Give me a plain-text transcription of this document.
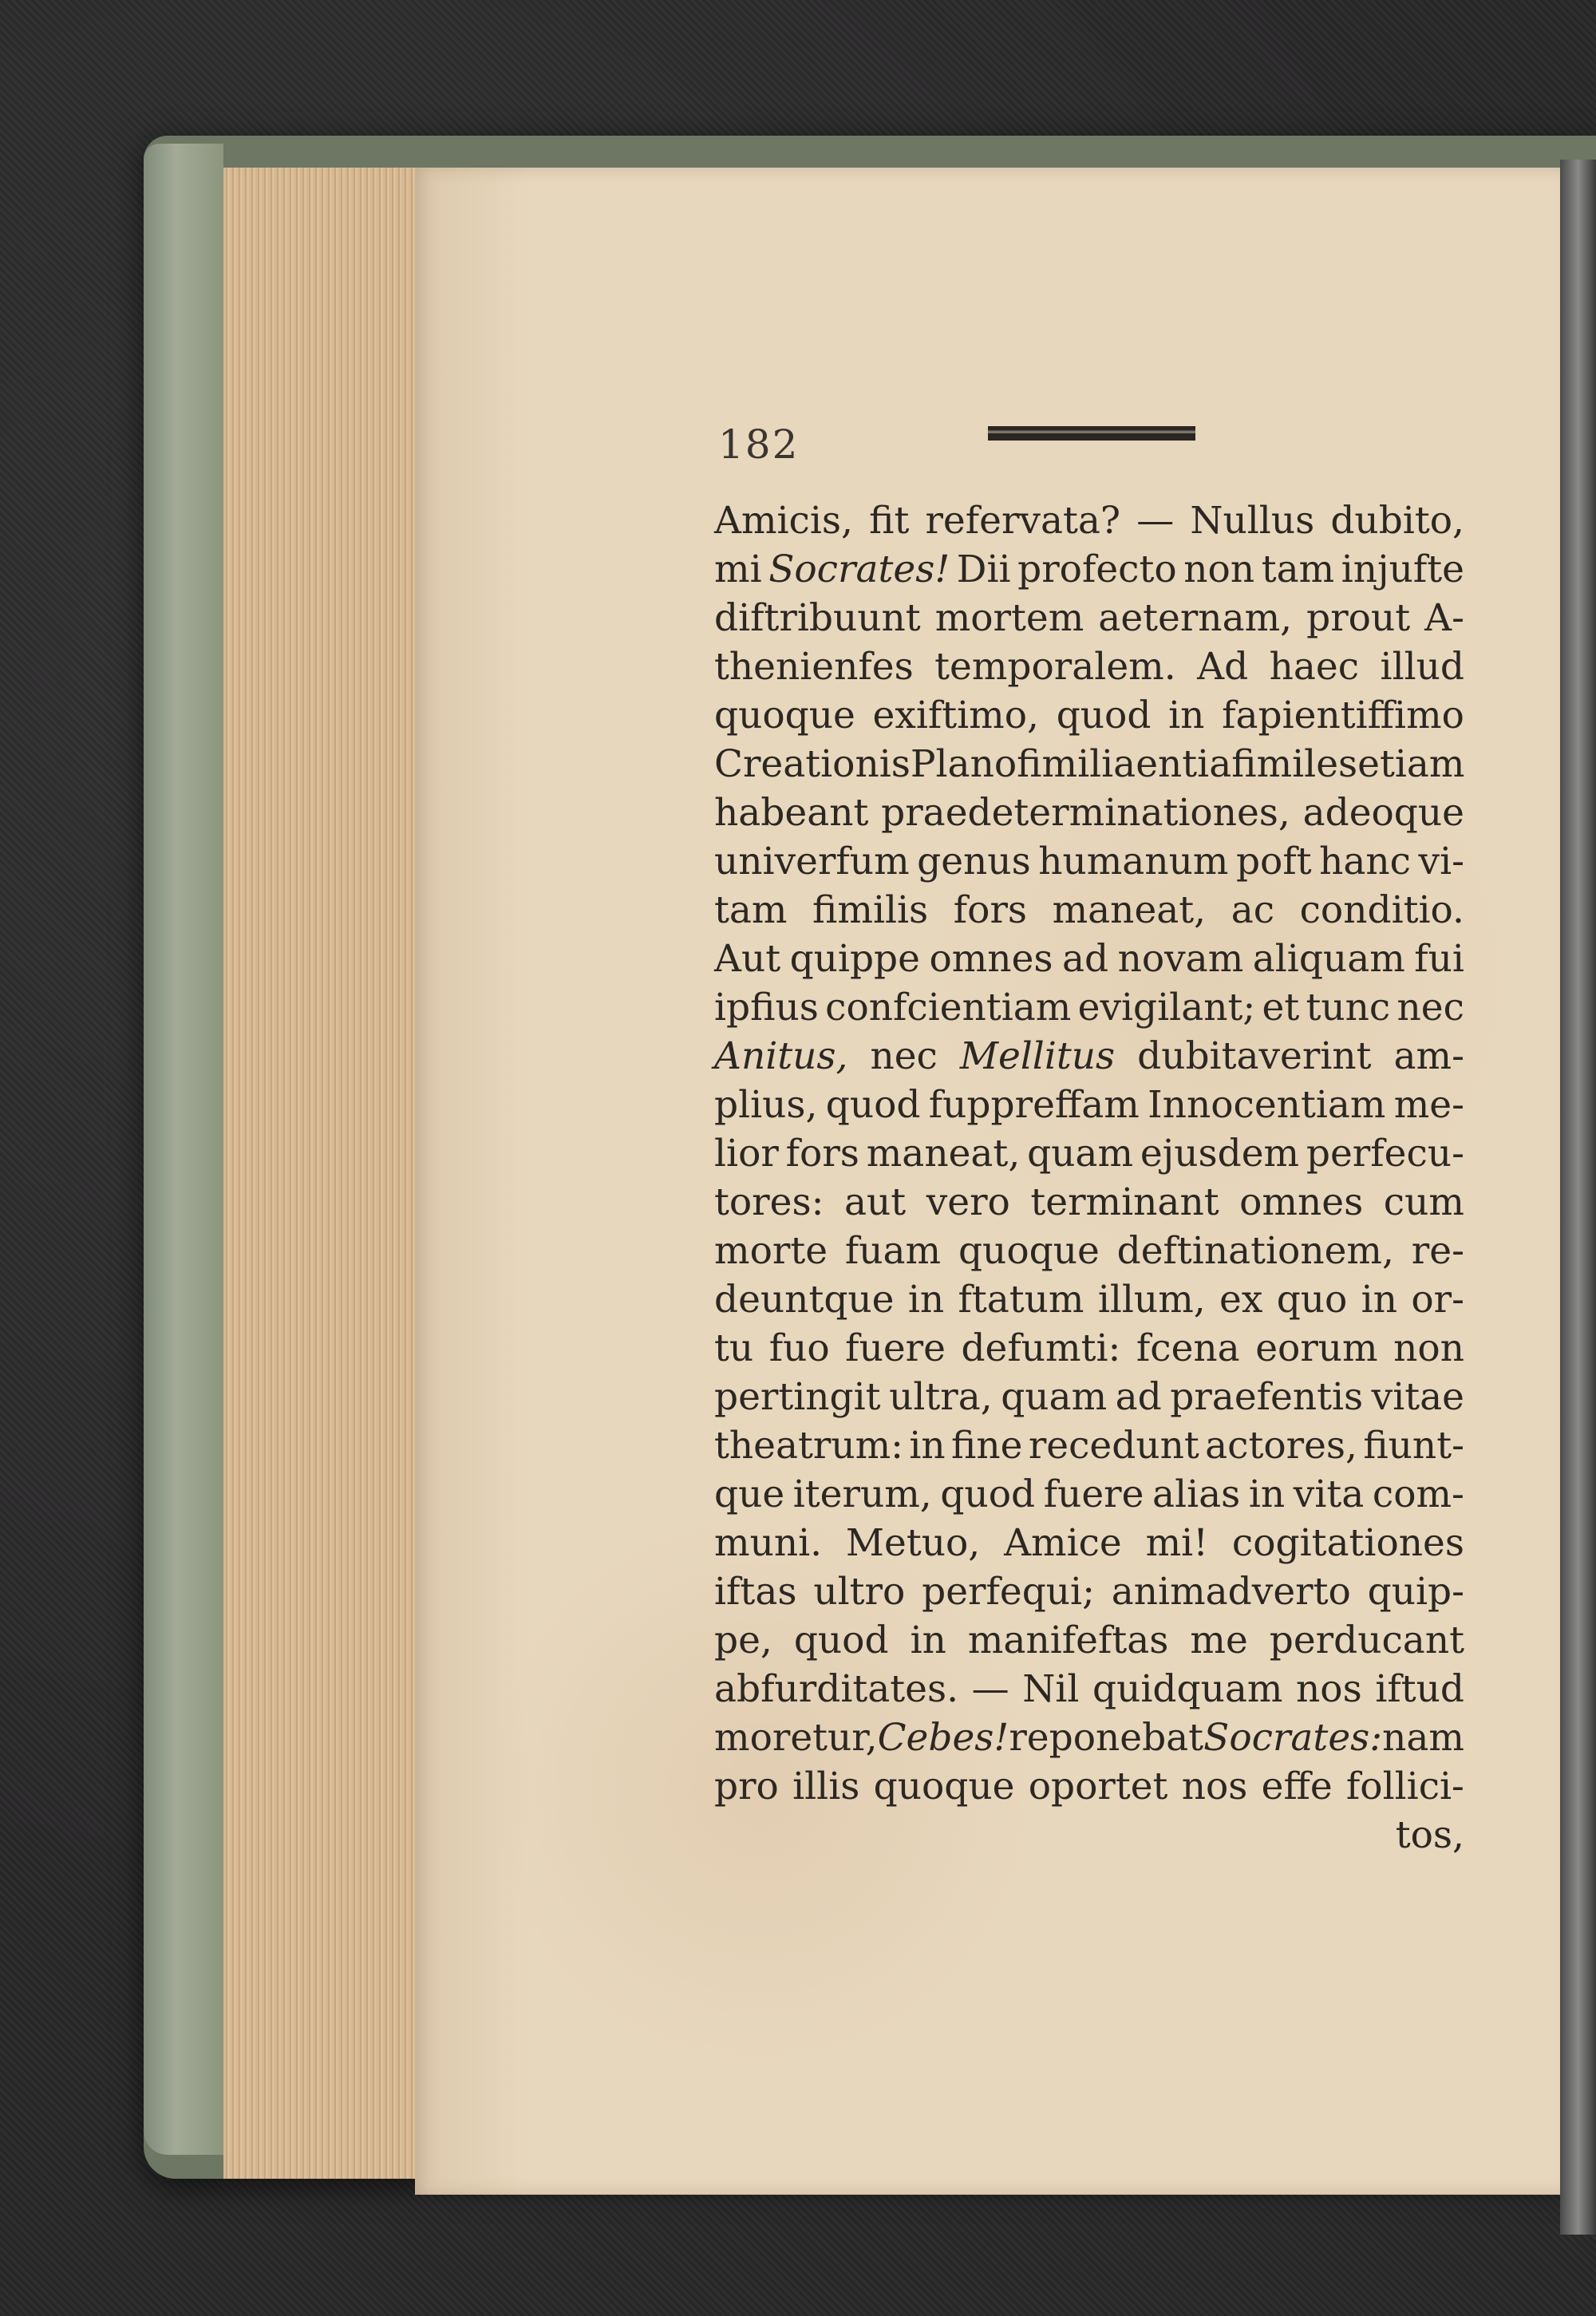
182
Amicis, fit refervata? — Nullus dubito,
mi Socrates! Dii profecto non tam injufte
diftribuunt mortem aeternam, prout A-
thenienfes temporalem. Ad haec illud
quoque exiftimo, quod in fapientiffimo
Creationis Plano fimilia entia fimiles etiam
habeant praedeterminationes, adeoque
univerfum genus humanum poft hanc vi-
tam fimilis fors maneat, ac conditio.
Aut quippe omnes ad novam aliquam fui
ipfius confcientiam evigilant; et tunc nec
Anitus, nec Mellitus dubitaverint am-
plius, quod fuppreffam Innocentiam me-
lior fors maneat, quam ejusdem perfecu-
tores: aut vero terminant omnes cum
morte fuam quoque deftinationem, re-
deuntque in ftatum illum, ex quo in or-
tu fuo fuere defumti: fcena eorum non
pertingit ultra, quam ad praefentis vitae
theatrum: in fine recedunt actores, fiunt-
que iterum, quod fuere alias in vita com-
muni. Metuo, Amice mi! cogitationes
iftas ultro perfequi; animadverto quip-
pe, quod in manifeftas me perducant
abfurditates. — Nil quidquam nos iftud
moretur, Cebes! reponebat Socrates: nam
pro illis quoque oportet nos effe follici-
tos,
